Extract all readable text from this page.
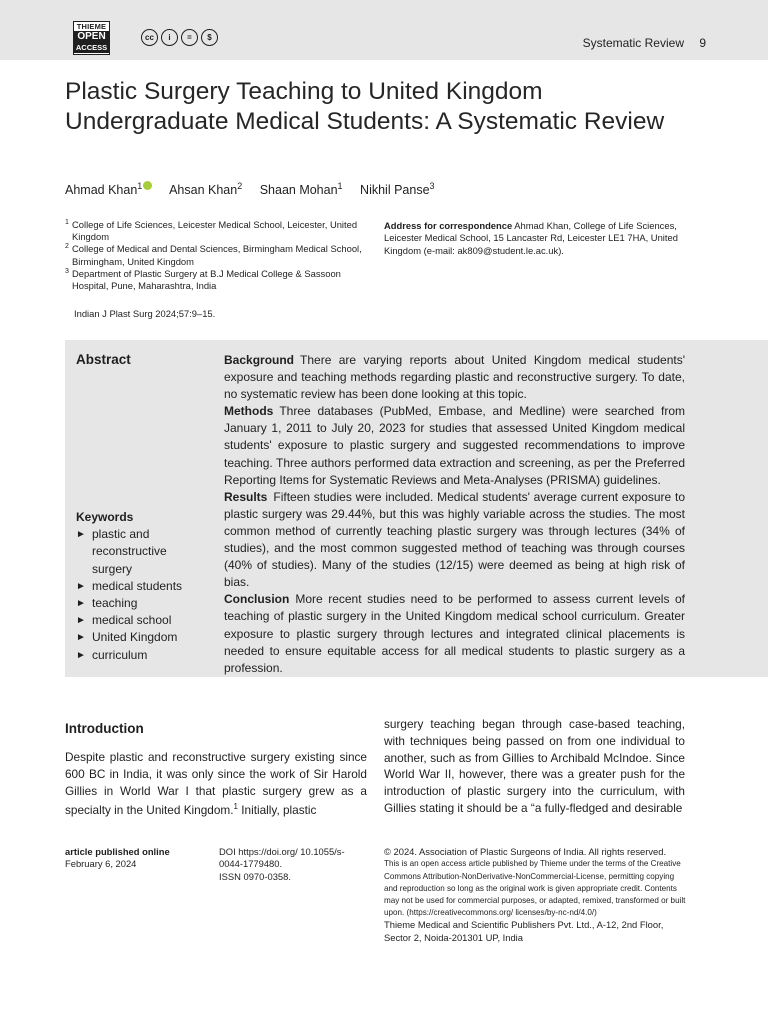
THIEME
OPEN
ACCESS
cc	i	=	$	Systematic Review 9
Plastic Surgery Teaching to United Kingdom Undergraduate Medical Students: A Systematic Review
Ahmad Khan$^1$ Ahsan Khan$^2$ Shaan Mohan$^1$ Nikhil Panse$^3$
1 College of Life Sciences, Leicester Medical School, Leicester, United Kingdom
2 College of Medical and Dental Sciences, Birmingham Medical School, Birmingham, United Kingdom
3 Department of Plastic Surgery at B.J Medical College & Sassoon Hospital, Pune, Maharashtra, India
Address for correspondence Ahmad Khan, College of Life Sciences, Leicester Medical School, 15 Lancaster Rd, Leicester LE1 7HA, United Kingdom (e-mail: ak809@student.le.ac.uk).
Indian J Plast Surg 2024;57:9–15.
Abstract
Keywords
► plastic and reconstructive surgery
► medical students
► teaching
► medical school
► United Kingdom
► curriculum

Background There are varying reports about United Kingdom medical students' exposure and teaching methods regarding plastic and reconstructive surgery. To date, no systematic review has been done looking at this topic.

Methods Three databases (PubMed, Embase, and Medline) were searched from January 1, 2011 to July 20, 2023 for studies that assessed United Kingdom medical students' exposure to plastic surgery and suggested recommendations to improve teaching. Three authors performed data extraction and screening, as per the Preferred Reporting Items for Systematic Reviews and Meta-Analyses (PRISMA) guidelines.

Results Fifteen studies were included. Medical students' average current exposure to plastic surgery was 29.44%, but this was highly variable across the studies. The most common method of currently teaching plastic surgery was through lectures (34% of studies), and the most common suggested method of teaching was through courses (40% of studies). Many of the studies (12/15) were deemed as being at high risk of bias.

Conclusion More recent studies need to be performed to assess current levels of teaching of plastic surgery in the United Kingdom medical school curriculum. Greater exposure to plastic surgery through lectures and integrated clinical placements is needed to ensure equitable access for all medical students to plastic surgery as a profession.

Introduction

Despite plastic and reconstructive surgery existing since 600 BC in India, it was only since the work of Sir Harold Gillies in World War I that plastic surgery grew as a specialty in the United Kingdom.$^1$ Initially, plastic

surgery teaching began through case-based teaching, with techniques being passed on from one individual to another, such as from Gillies to Archibald McIndoe. Since World War II, however, there was a greater push for the introduction of plastic surgery into the curriculum, with Gillies stating it should be a “a fully-fledged and desirable

article published online
February 6, 2024
DOI https://doi.org/ 10.1055/s-0044-1779480.
ISSN 0970-0358.
© 2024. Association of Plastic Surgeons of India. All rights reserved.
This is an open access article published by Thieme under the terms of the Creative Commons Attribution-NonDerivative-NonCommercial-License, permitting copying and reproduction so long as the original work is given appropriate credit. Contents may not be used for commercial purposes, or adapted, remixed, transformed or built upon. (https://creativecommons.org/ licenses/by-nc-nd/4.0/)
Thieme Medical and Scientific Publishers Pvt. Ltd., A-12, 2nd Floor, Sector 2, Noida-201301 UP, India
